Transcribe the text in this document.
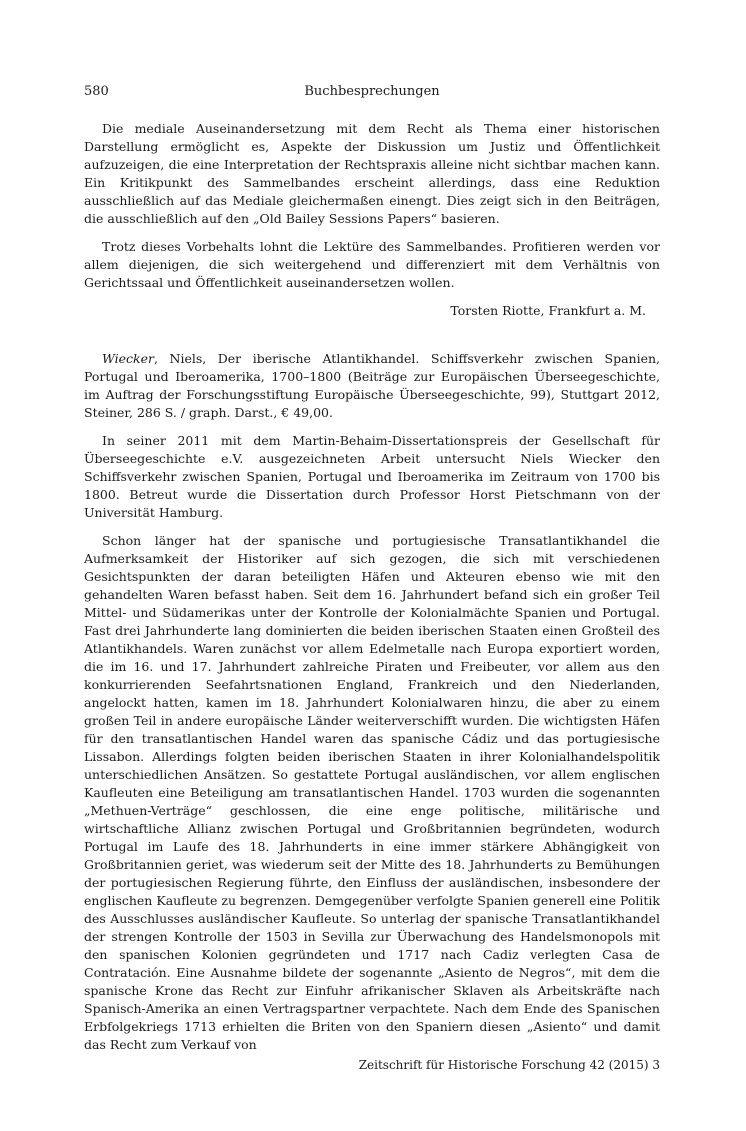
580	Buchbesprechungen

Die mediale Auseinandersetzung mit dem Recht als Thema einer historischen Darstellung ermöglicht es, Aspekte der Diskussion um Justiz und Öffentlichkeit aufzuzeigen, die eine Interpretation der Rechtspraxis alleine nicht sichtbar machen kann. Ein Kritikpunkt des Sammelbandes erscheint allerdings, dass eine Reduktion ausschließlich auf das Mediale gleichermaßen einengt. Dies zeigt sich in den Beiträgen, die ausschließlich auf den „Old Bailey Sessions Papers“ basieren.

Trotz dieses Vorbehalts lohnt die Lektüre des Sammelbandes. Profitieren werden vor allem diejenigen, die sich weitergehend und differenziert mit dem Verhältnis von Gerichtssaal und Öffentlichkeit auseinandersetzen wollen.

Torsten Riotte, Frankfurt a. M.

Wiecker, Niels, Der iberische Atlantikhandel. Schiffsverkehr zwischen Spanien, Portugal und Iberoamerika, 1700–1800 (Beiträge zur Europäischen Überseegeschichte, im Auftrag der Forschungsstiftung Europäische Überseegeschichte, 99), Stuttgart 2012, Steiner, 286 S. / graph. Darst., € 49,00.

In seiner 2011 mit dem Martin-Behaim-Dissertationspreis der Gesellschaft für Überseegeschichte e.V. ausgezeichneten Arbeit untersucht Niels Wiecker den Schiffsverkehr zwischen Spanien, Portugal und Iberoamerika im Zeitraum von 1700 bis 1800. Betreut wurde die Dissertation durch Professor Horst Pietschmann von der Universität Hamburg.

Schon länger hat der spanische und portugiesische Transatlantikhandel die Aufmerksamkeit der Historiker auf sich gezogen, die sich mit verschiedenen Gesichtspunkten der daran beteiligten Häfen und Akteuren ebenso wie mit den gehandelten Waren befasst haben. Seit dem 16. Jahrhundert befand sich ein großer Teil Mittel- und Südamerikas unter der Kontrolle der Kolonialmächte Spanien und Portugal. Fast drei Jahrhunderte lang dominierten die beiden iberischen Staaten einen Großteil des Atlantikhandels. Waren zunächst vor allem Edelmetalle nach Europa exportiert worden, die im 16. und 17. Jahrhundert zahlreiche Piraten und Freibeuter, vor allem aus den konkurrierenden Seefahrtsnationen England, Frankreich und den Niederlanden, angelockt hatten, kamen im 18. Jahrhundert Kolonialwaren hinzu, die aber zu einem großen Teil in andere europäische Länder weiterverschifft wurden. Die wichtigsten Häfen für den transatlantischen Handel waren das spanische Cádiz und das portugiesische Lissabon. Allerdings folgten beiden iberischen Staaten in ihrer Kolonialhandelspolitik unterschiedlichen Ansätzen. So gestattete Portugal ausländischen, vor allem englischen Kaufleuten eine Beteiligung am transatlantischen Handel. 1703 wurden die sogenannten „Methuen-Verträge“ geschlossen, die eine enge politische, militärische und wirtschaftliche Allianz zwischen Portugal und Großbritannien begründeten, wodurch Portugal im Laufe des 18. Jahrhunderts in eine immer stärkere Abhängigkeit von Großbritannien geriet, was wiederum seit der Mitte des 18. Jahrhunderts zu Bemühungen der portugiesischen Regierung führte, den Einfluss der ausländischen, insbesondere der englischen Kaufleute zu begrenzen. Demgegenüber verfolgte Spanien generell eine Politik des Ausschlusses ausländischer Kaufleute. So unterlag der spanische Transatlantikhandel der strengen Kontrolle der 1503 in Sevilla zur Überwachung des Handelsmonopols mit den spanischen Kolonien gegründeten und 1717 nach Cadiz verlegten Casa de Contratación. Eine Ausnahme bildete der sogenannte „Asiento de Negros“, mit dem die spanische Krone das Recht zur Einfuhr afrikanischer Sklaven als Arbeitskräfte nach Spanisch-Amerika an einen Vertragspartner verpachtete. Nach dem Ende des Spanischen Erbfolgekriegs 1713 erhielten die Briten von den Spaniern diesen „Asiento“ und damit das Recht zum Verkauf von

Zeitschrift für Historische Forschung 42 (2015) 3
